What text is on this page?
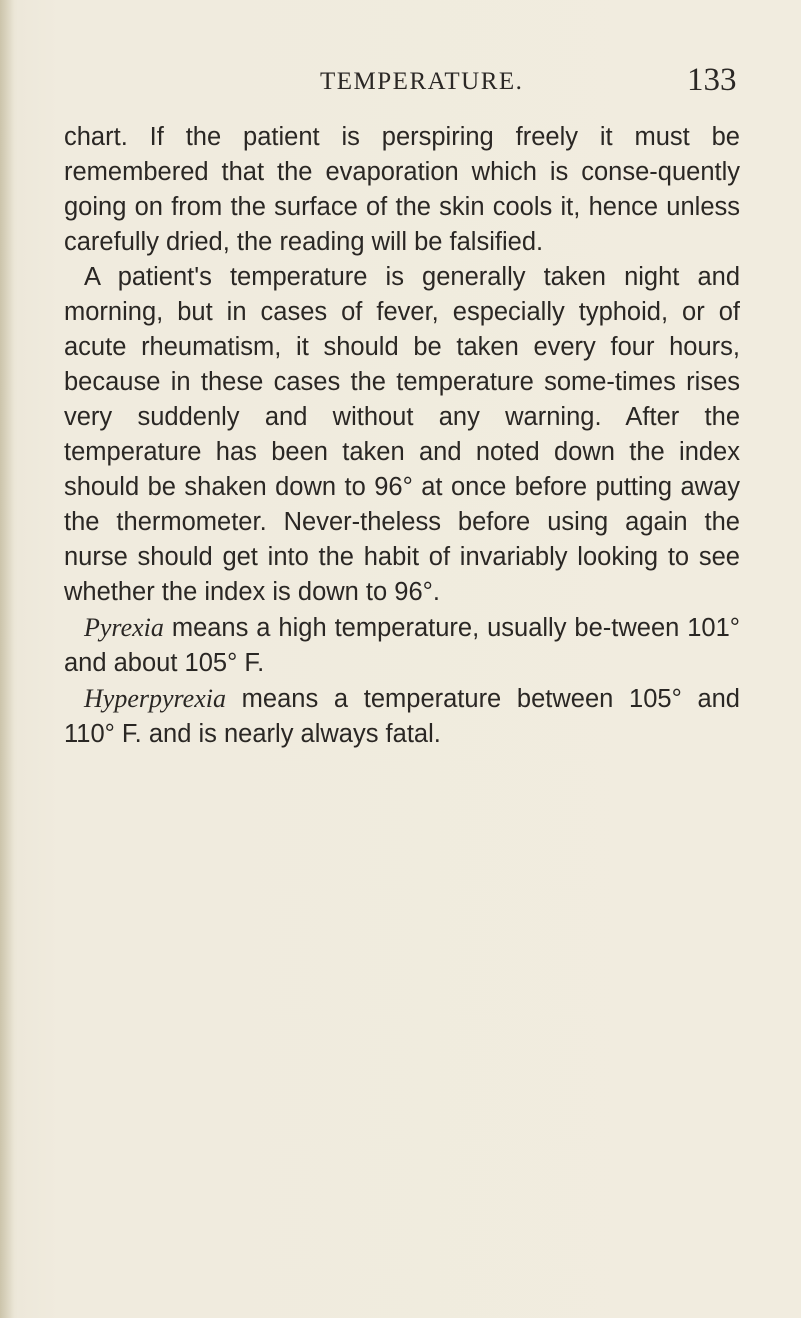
TEMPERATURE.	133

chart. If the patient is perspiring freely it must be remembered that the evaporation which is conse-quently going on from the surface of the skin cools it, hence unless carefully dried, the reading will be falsified.

A patient's temperature is generally taken night and morning, but in cases of fever, especially typhoid, or of acute rheumatism, it should be taken every four hours, because in these cases the temperature some-times rises very suddenly and without any warning. After the temperature has been taken and noted down the index should be shaken down to 96° at once before putting away the thermometer. Never-theless before using again the nurse should get into the habit of invariably looking to see whether the index is down to 96°.

Pyrexia means a high temperature, usually be-tween 101° and about 105° F.

Hyperpyrexia means a temperature between 105° and 110° F. and is nearly always fatal.
